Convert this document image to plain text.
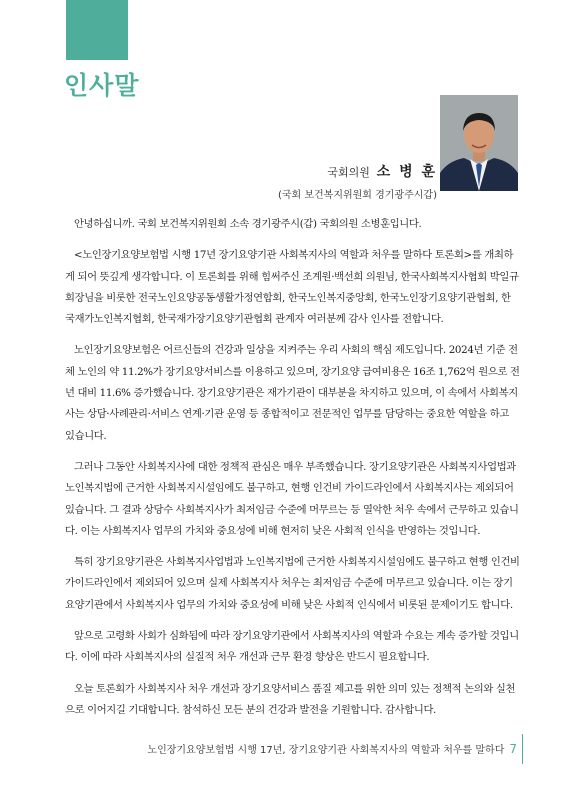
인사말
국회의원 소 병 훈
(국회 보건복지위원회 경기광주시갑)

안녕하십니까. 국회 보건복지위원회 소속 경기광주시(갑) 국회의원 소병훈입니다.

<노인장기요양보험법 시행 17년 장기요양기관 사회복지사의 역할과 처우를 말하다 토론회>를 개최하게 되어 뜻깊게 생각합니다. 이 토론회를 위해 힘써주신 조계원·백선희 의원님, 한국사회복지사협회 박일규 회장님을 비롯한 전국노인요양공동생활가정연합회, 한국노인복지중앙회, 한국노인장기요양기관협회, 한국재가노인복지협회, 한국재가장기요양기관협회 관계자 여러분께 감사 인사를 전합니다.

노인장기요양보험은 어르신들의 건강과 일상을 지켜주는 우리 사회의 핵심 제도입니다. 2024년 기준 전체 노인의 약 11.2%가 장기요양서비스를 이용하고 있으며, 장기요양 급여비용은 16조 1,762억 원으로 전년 대비 11.6% 증가했습니다. 장기요양기관은 재가기관이 대부분을 차지하고 있으며, 이 속에서 사회복지사는 상담·사례관리·서비스 연계·기관 운영 등 종합적이고 전문적인 업무를 담당하는 중요한 역할을 하고 있습니다.

그러나 그동안 사회복지사에 대한 정책적 관심은 매우 부족했습니다. 장기요양기관은 사회복지사업법과 노인복지법에 근거한 사회복지시설임에도 불구하고, 현행 인건비 가이드라인에서 사회복지사는 제외되어 있습니다. 그 결과 상당수 사회복지사가 최저임금 수준에 머무르는 등 열악한 처우 속에서 근무하고 있습니다. 이는 사회복지사 업무의 가치와 중요성에 비해 현저히 낮은 사회적 인식을 반영하는 것입니다.

특히 장기요양기관은 사회복지사업법과 노인복지법에 근거한 사회복지시설임에도 불구하고 현행 인건비 가이드라인에서 제외되어 있으며 실제 사회복지사 처우는 최저임금 수준에 머무르고 있습니다. 이는 장기요양기관에서 사회복지사 업무의 가치와 중요성에 비해 낮은 사회적 인식에서 비롯된 문제이기도 합니다.

앞으로 고령화 사회가 심화됨에 따라 장기요양기관에서 사회복지사의 역할과 수요는 계속 증가할 것입니다. 이에 따라 사회복지사의 실질적 처우 개선과 근무 환경 향상은 반드시 필요합니다.

오늘 토론회가 사회복지사 처우 개선과 장기요양서비스 품질 제고를 위한 의미 있는 정책적 논의와 실천으로 이어지길 기대합니다. 참석하신 모든 분의 건강과 발전을 기원합니다. 감사합니다.

노인장기요양보험법 시행 17년, 장기요양기관 사회복지사의 역할과 처우를 말하다 7
